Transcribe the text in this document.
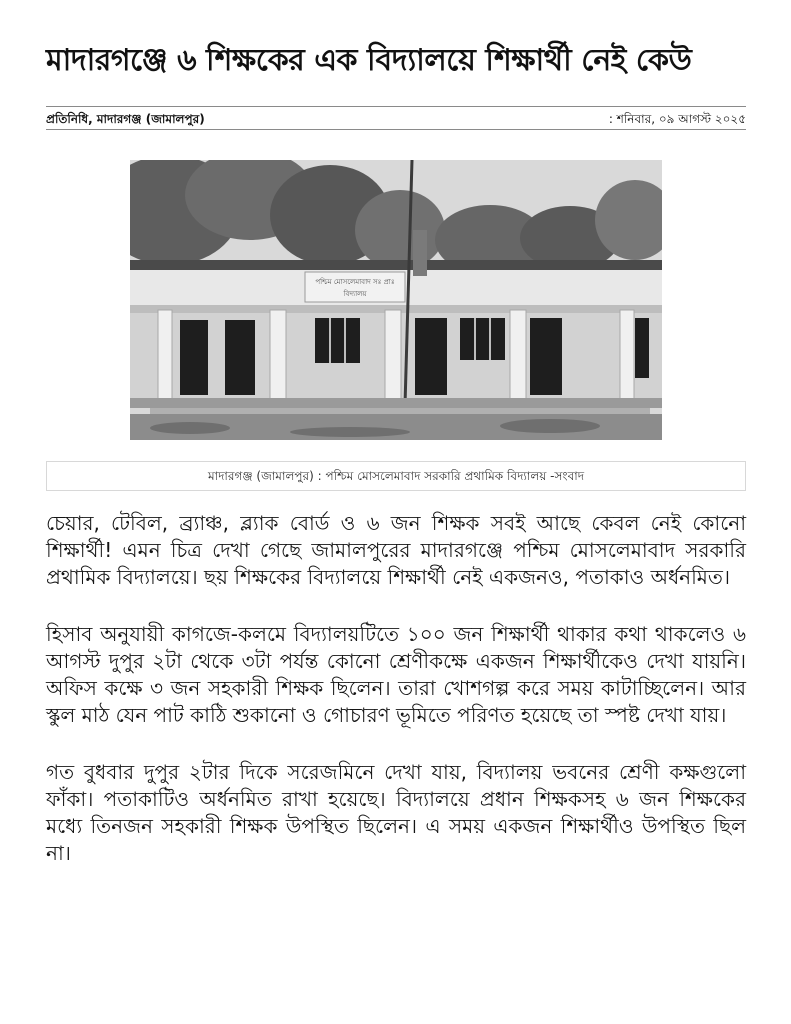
মাদারগঞ্জে ৬ শিক্ষকের এক বিদ্যালয়ে শিক্ষার্থী নেই কেউ
প্রতিনিধি, মাদারগঞ্জ (জামালপুর)	: শনিবার, ০৯ আগস্ট ২০২৫
পশ্চিম মোসলেমাবাদ সঃ প্রাঃ
বিদ্যালয়
মাদারগঞ্জ (জামালপুর) : পশ্চিম মোসলেমাবাদ সরকারি প্রথামিক বিদ্যালয় -সংবাদ

চেয়ার, টেবিল, ব্র্যাঞ্চ, ব্ল্যাক বোর্ড ও ৬ জন শিক্ষক সবই আছে কেবল নেই কোনো শিক্ষার্থী! এমন চিত্র দেখা গেছে জামালপুরের মাদারগঞ্জে পশ্চিম মোসলেমাবাদ সরকারি প্রথামিক বিদ্যালয়ে। ছয় শিক্ষকের বিদ্যালয়ে শিক্ষার্থী নেই একজনও, পতাকাও অর্ধনমিত।

হিসাব অনুযায়ী কাগজে-কলমে বিদ্যালয়টিতে ১০০ জন শিক্ষার্থী থাকার কথা থাকলেও ৬ আগস্ট দুপুর ২টা থেকে ৩টা পর্যন্ত কোনো শ্রেণীকক্ষে একজন শিক্ষার্থীকেও দেখা যায়নি। অফিস কক্ষে ৩ জন সহকারী শিক্ষক ছিলেন। তারা খোশগল্প করে সময় কাটাচ্ছিলেন। আর স্কুল মাঠ যেন পাট কাঠি শুকানো ও গোচারণ ভূমিতে পরিণত হয়েছে তা স্পষ্ট দেখা যায়।

গত বুধবার দুপুর ২টার দিকে সরেজমিনে দেখা যায়, বিদ্যালয় ভবনের শ্রেণী কক্ষগুলো ফাঁকা। পতাকাটিও অর্ধনমিত রাখা হয়েছে। বিদ্যালয়ে প্রধান শিক্ষকসহ ৬ জন শিক্ষকের মধ্যে তিনজন সহকারী শিক্ষক উপস্থিত ছিলেন। এ সময় একজন শিক্ষার্থীও উপস্থিত ছিল না।
